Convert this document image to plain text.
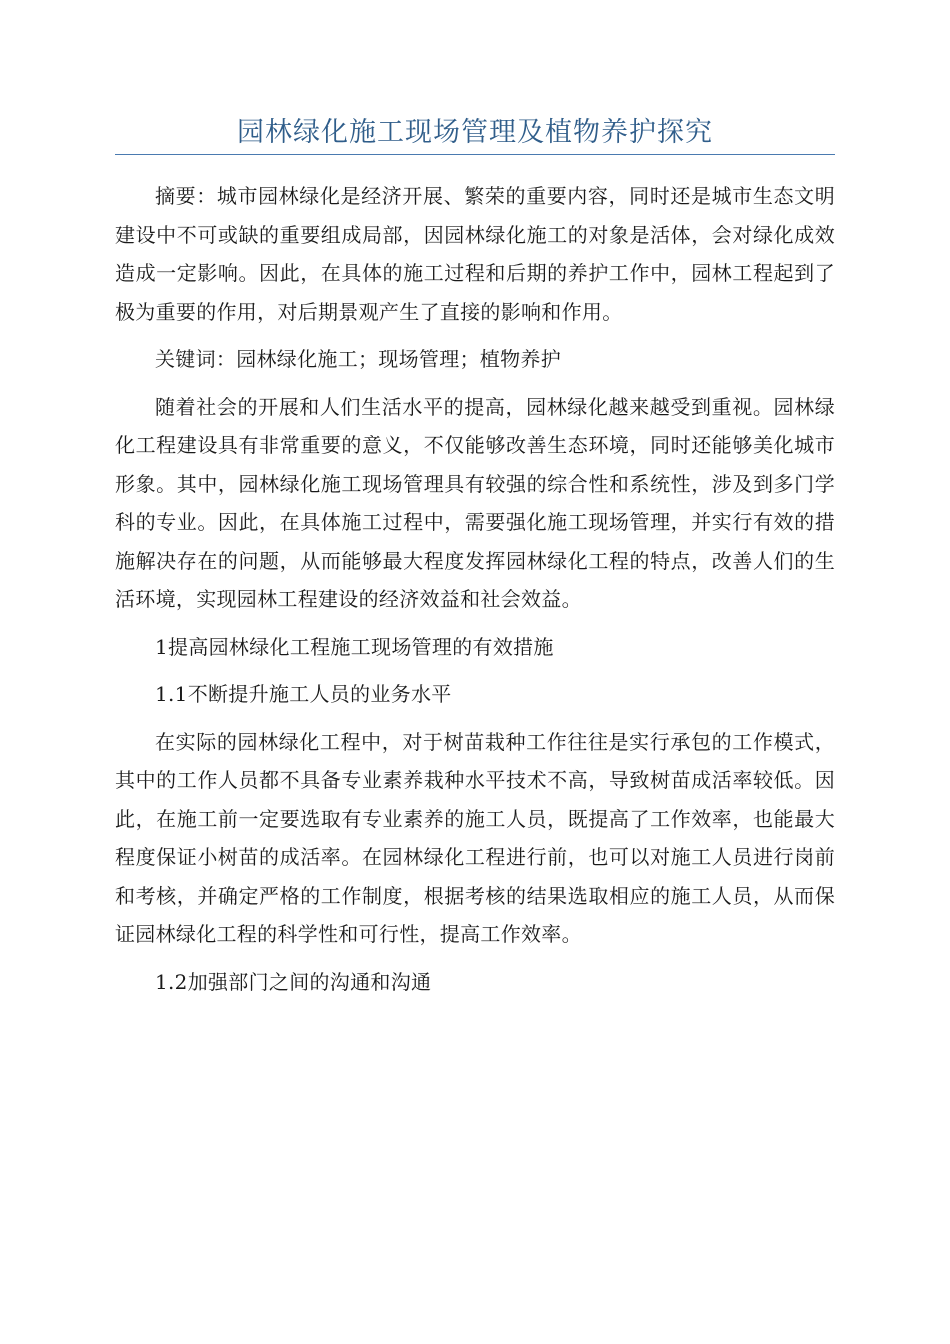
园林绿化施工现场管理及植物养护探究

摘要：城市园林绿化是经济开展、繁荣的重要内容，同时还是城市生态文明建设中不可或缺的重要组成局部，因园林绿化施工的对象是活体，会对绿化成效造成一定影响。因此，在具体的施工过程和后期的养护工作中，园林工程起到了极为重要的作用，对后期景观产生了直接的影响和作用。

关键词：园林绿化施工；现场管理；植物养护

随着社会的开展和人们生活水平的提高，园林绿化越来越受到重视。园林绿化工程建设具有非常重要的意义，不仅能够改善生态环境，同时还能够美化城市形象。其中，园林绿化施工现场管理具有较强的综合性和系统性，涉及到多门学科的专业。因此，在具体施工过程中，需要强化施工现场管理，并实行有效的措施解决存在的问题，从而能够最大程度发挥园林绿化工程的特点，改善人们的生活环境，实现园林工程建设的经济效益和社会效益。

1提高园林绿化工程施工现场管理的有效措施

1.1不断提升施工人员的业务水平

在实际的园林绿化工程中，对于树苗栽种工作往往是实行承包的工作模式，其中的工作人员都不具备专业素养栽种水平技术不高，导致树苗成活率较低。因此，在施工前一定要选取有专业素养的施工人员，既提高了工作效率，也能最大程度保证小树苗的成活率。在园林绿化工程进行前，也可以对施工人员进行岗前和考核，并确定严格的工作制度，根据考核的结果选取相应的施工人员，从而保证园林绿化工程的科学性和可行性，提高工作效率。

1.2加强部门之间的沟通和沟通
